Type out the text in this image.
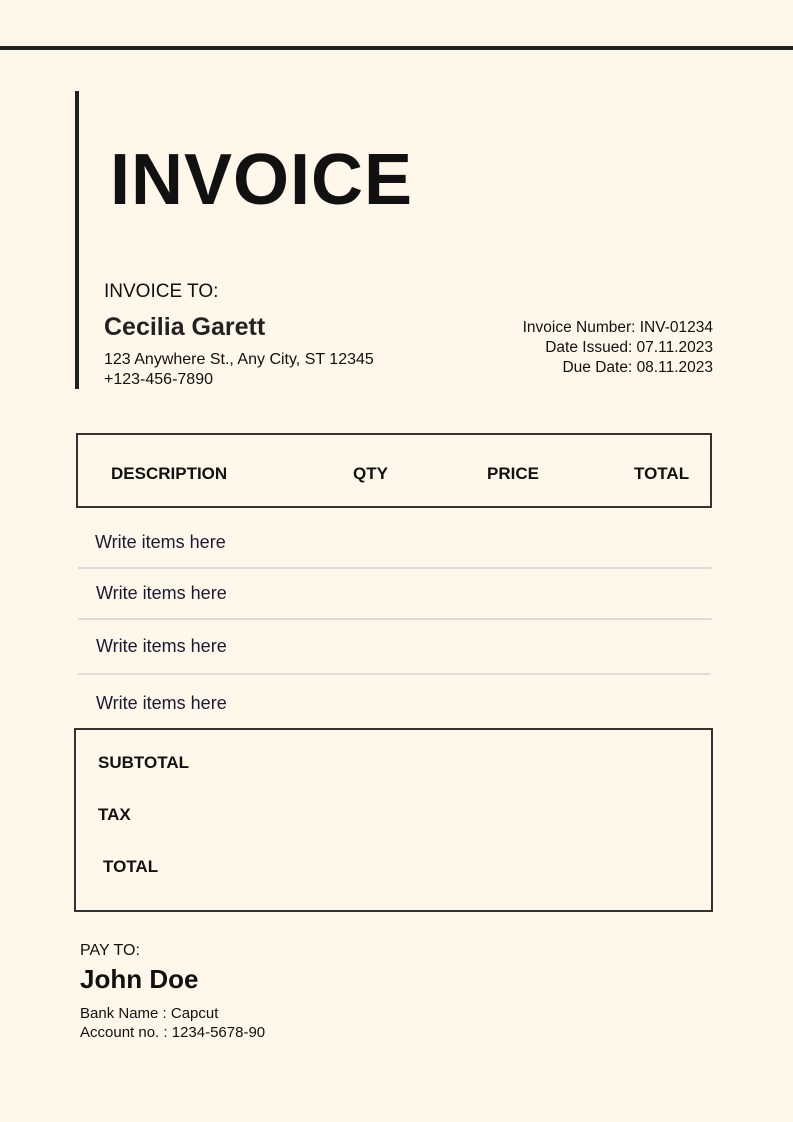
INVOICE
INVOICE TO:
Cecilia Garett
123 Anywhere St., Any City, ST 12345
+123-456-7890
Invoice Number: INV-01234
Date Issued: 07.11.2023
Due Date: 08.11.2023
DESCRIPTION	QTY	PRICE	TOTAL
Write items here
Write items here
Write items here
Write items here
SUBTOTAL
TAX
TOTAL
PAY TO:
John Doe
Bank Name : Capcut
Account no. : 1234-5678-90
